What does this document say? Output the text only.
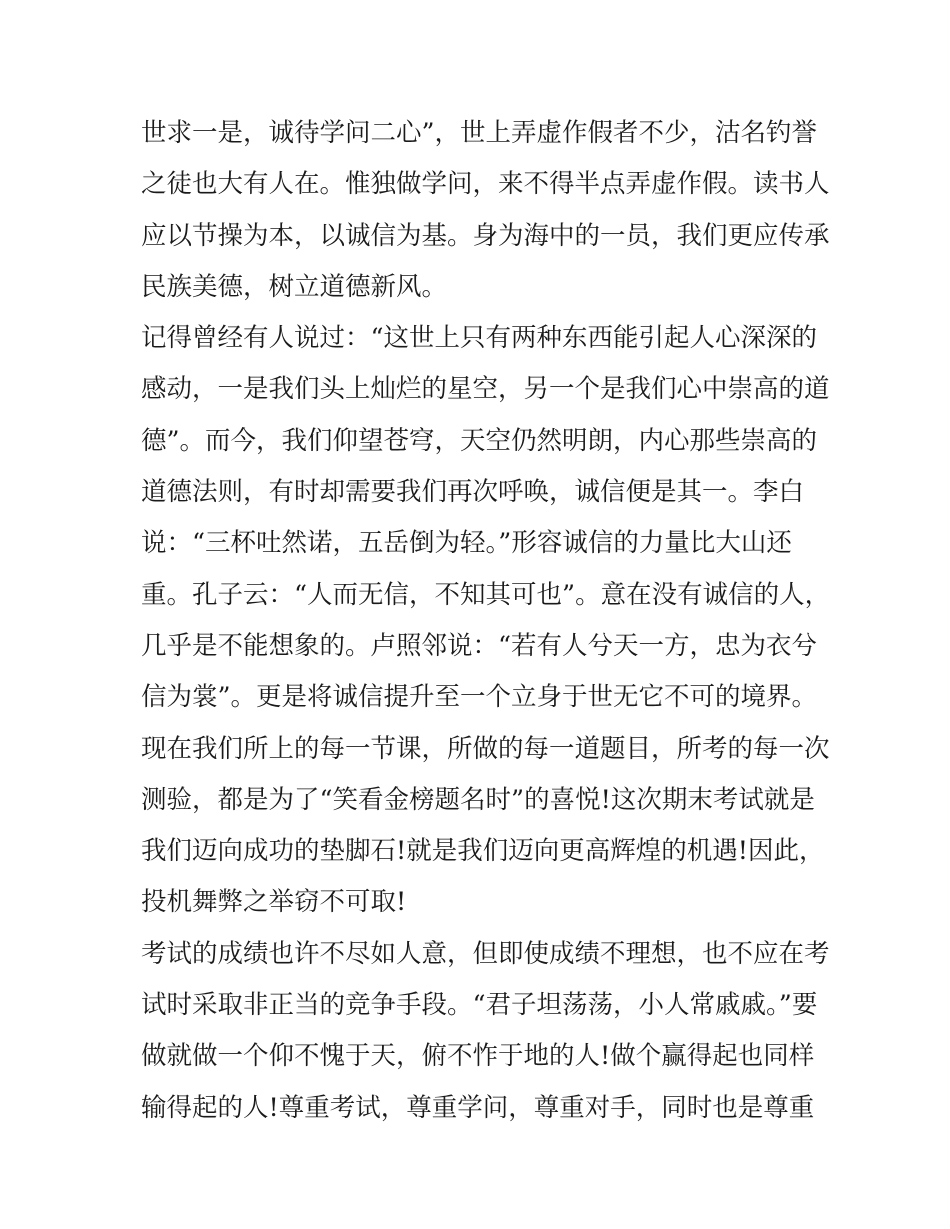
世求一是，诚待学问二心”，世上弄虚作假者不少，沽名钓誉
之徒也大有人在。惟独做学问，来不得半点弄虚作假。读书人
应以节操为本，以诚信为基。身为海中的一员，我们更应传承
民族美德，树立道德新风。
记得曾经有人说过：“这世上只有两种东西能引起人心深深的
感动，一是我们头上灿烂的星空，另一个是我们心中崇高的道
德”。而今，我们仰望苍穹，天空仍然明朗，内心那些崇高的
道德法则，有时却需要我们再次呼唤，诚信便是其一。李白
说：“三杯吐然诺，五岳倒为轻。”形容诚信的力量比大山还
重。孔子云：“人而无信，不知其可也”。意在没有诚信的人，
几乎是不能想象的。卢照邻说：“若有人兮天一方，忠为衣兮
信为裳”。更是将诚信提升至一个立身于世无它不可的境界。
现在我们所上的每一节课，所做的每一道题目，所考的每一次
测验，都是为了“笑看金榜题名时”的喜悦!这次期末考试就是
我们迈向成功的垫脚石!就是我们迈向更高辉煌的机遇!因此，
投机舞弊之举窃不可取!
考试的成绩也许不尽如人意，但即使成绩不理想，也不应在考
试时采取非正当的竞争手段。“君子坦荡荡，小人常戚戚。”要
做就做一个仰不愧于天，俯不怍于地的人!做个赢得起也同样
输得起的人!尊重考试，尊重学问，尊重对手，同时也是尊重
